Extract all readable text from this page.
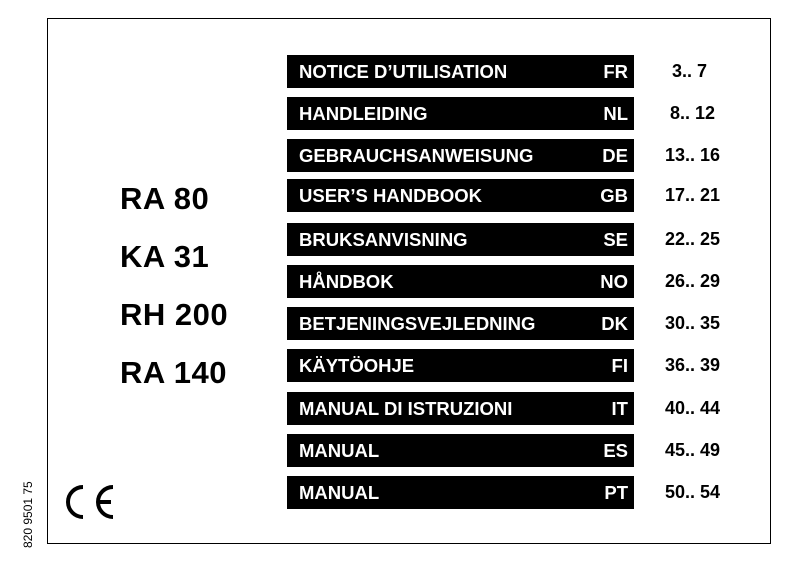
RA 80
KA 31
RH 200
RA 140
NOTICE D’UTILISATION	FR 3.. 7
HANDLEIDING	NL 8.. 12
GEBRAUCHSANWEISUNG	DE 13.. 16
USER’S HANDBOOK	GB 17.. 21
BRUKSANVISNING	SE 22.. 25
HÅNDBOK	NO 26.. 29
BETJENINGSVEJLEDNING	DK 30.. 35
KÄYTÖOHJE	FI 36.. 39
MANUAL DI ISTRUZIONI	IT 40.. 44
MANUAL	ES 45.. 49
MANUAL	PT 50.. 54
820 9501 75
